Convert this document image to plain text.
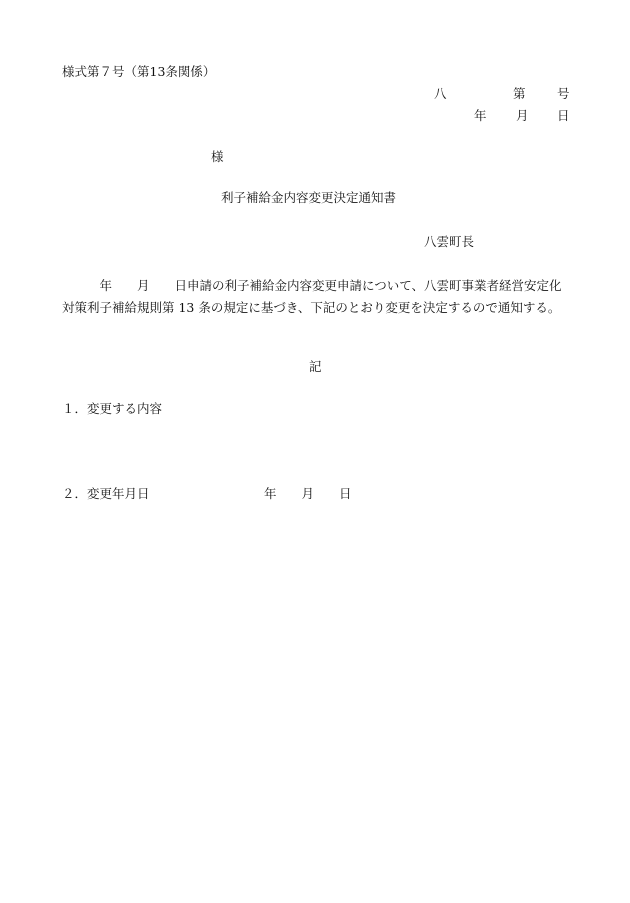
様式第７号（第13条関係）
八	第	号
年 月 日
様
利子補給金内容変更決定通知書
八雲町長
　　　年　　月　　日申請の利子補給金内容変更申請について、八雲町事業者経営安定化対策利子補給規則第 13 条の規定に基づき、下記のとおり変更を決定するので通知する。
記
１．変更する内容
２．変更年月日	年　　月　　日
